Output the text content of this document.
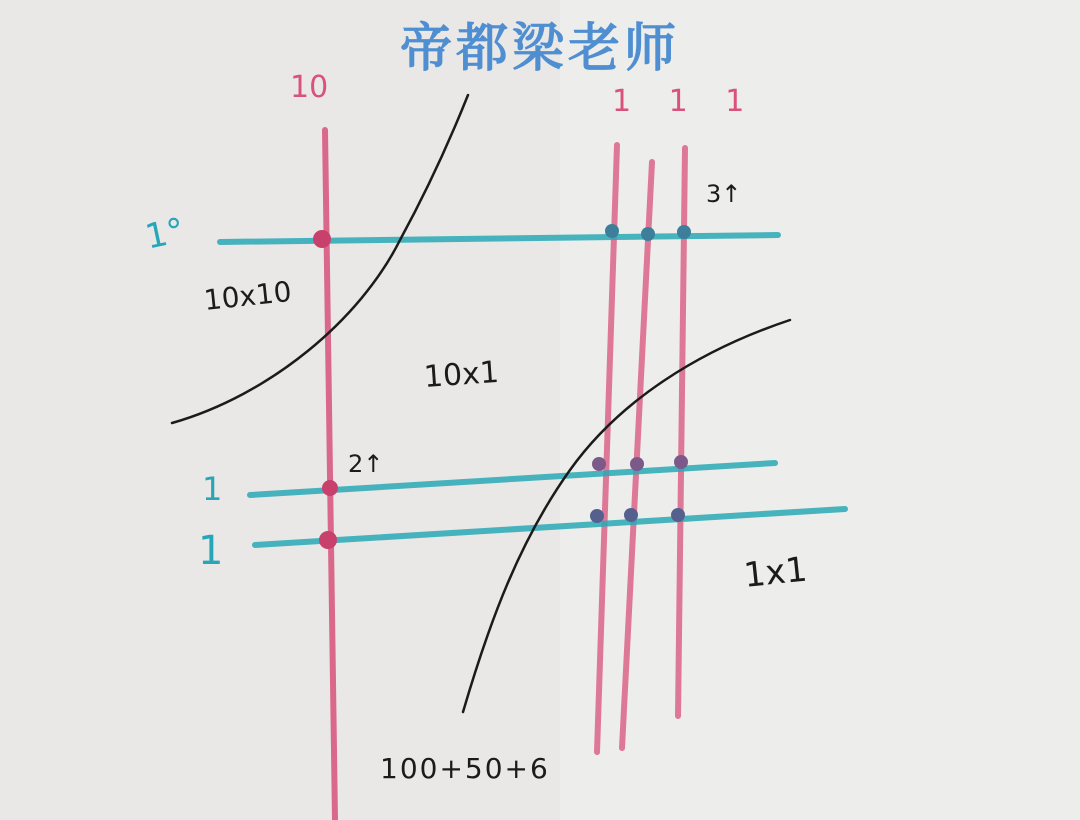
帝都梁老师
10	1 1 1
1°
1
1
3↑
2↑
10x10
10x1
1x1
100+50+6
